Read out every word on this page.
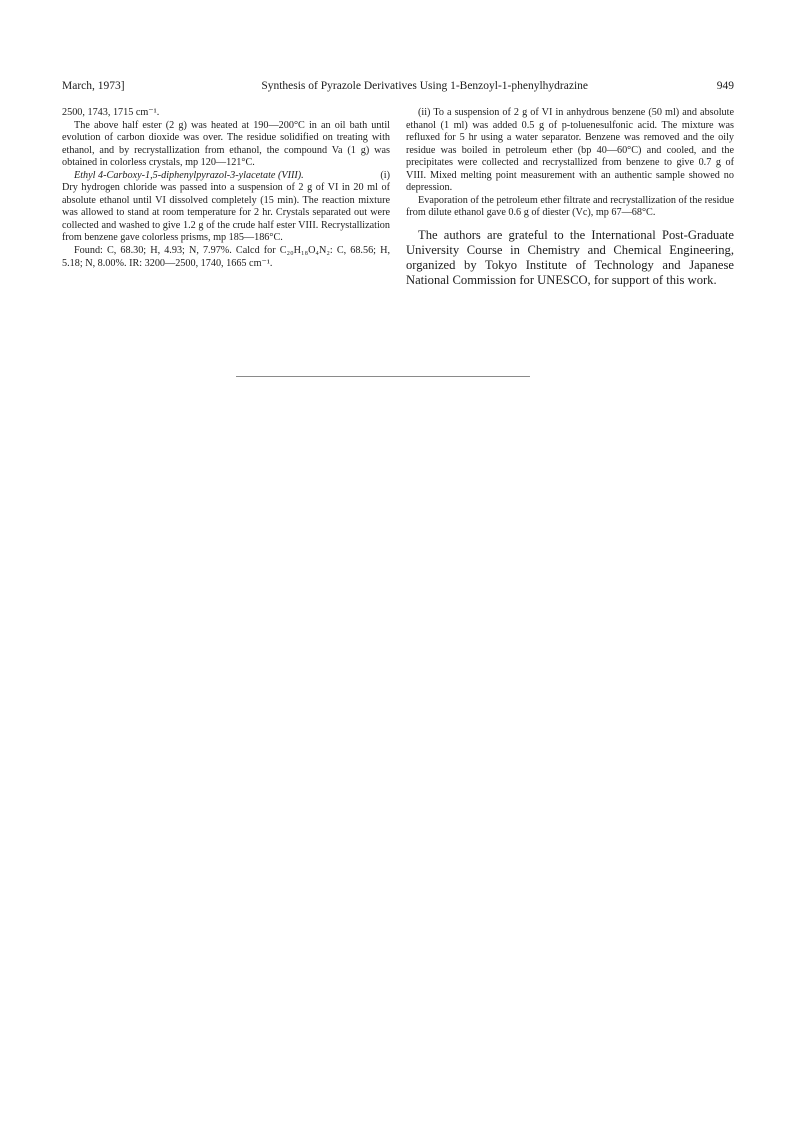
March, 1973]	Synthesis of Pyrazole Derivatives Using 1-Benzoyl-1-phenylhydrazine	949

2500, 1743, 1715 cm⁻¹.

The above half ester (2 g) was heated at 190—200°C in an oil bath until evolution of carbon dioxide was over. The residue solidified on treating with ethanol, and by recrystallization from ethanol, the compound Va (1 g) was obtained in colorless crystals, mp 120—121°C.

Ethyl 4-Carboxy-1,5-diphenylpyrazol-3-ylacetate (VIII).	(i)

Dry hydrogen chloride was passed into a suspension of 2 g of VI in 20 ml of absolute ethanol until VI dissolved completely (15 min). The reaction mixture was allowed to stand at room temperature for 2 hr. Crystals separated out were collected and washed to give 1.2 g of the crude half ester VIII. Recrystallization from benzene gave colorless prisms, mp 185—186°C.

Found: C, 68.30; H, 4.93; N, 7.97%. Calcd for C₂₀H₁₈O₄N₂: C, 68.56; H, 5.18; N, 8.00%. IR: 3200—2500, 1740, 1665 cm⁻¹.

(ii) To a suspension of 2 g of VI in anhydrous benzene (50 ml) and absolute ethanol (1 ml) was added 0.5 g of p-toluenesulfonic acid. The mixture was refluxed for 5 hr using a water separator. Benzene was removed and the oily residue was boiled in petroleum ether (bp 40—60°C) and cooled, and the precipitates were collected and recrystallized from benzene to give 0.7 g of VIII. Mixed melting point measurement with an authentic sample showed no depression.

Evaporation of the petroleum ether filtrate and recrystallization of the residue from dilute ethanol gave 0.6 g of diester (Vc), mp 67—68°C.

The authors are grateful to the International Post-Graduate University Course in Chemistry and Chemical Engineering, organized by Tokyo Institute of Technology and Japanese National Commission for UNESCO, for support of this work.
